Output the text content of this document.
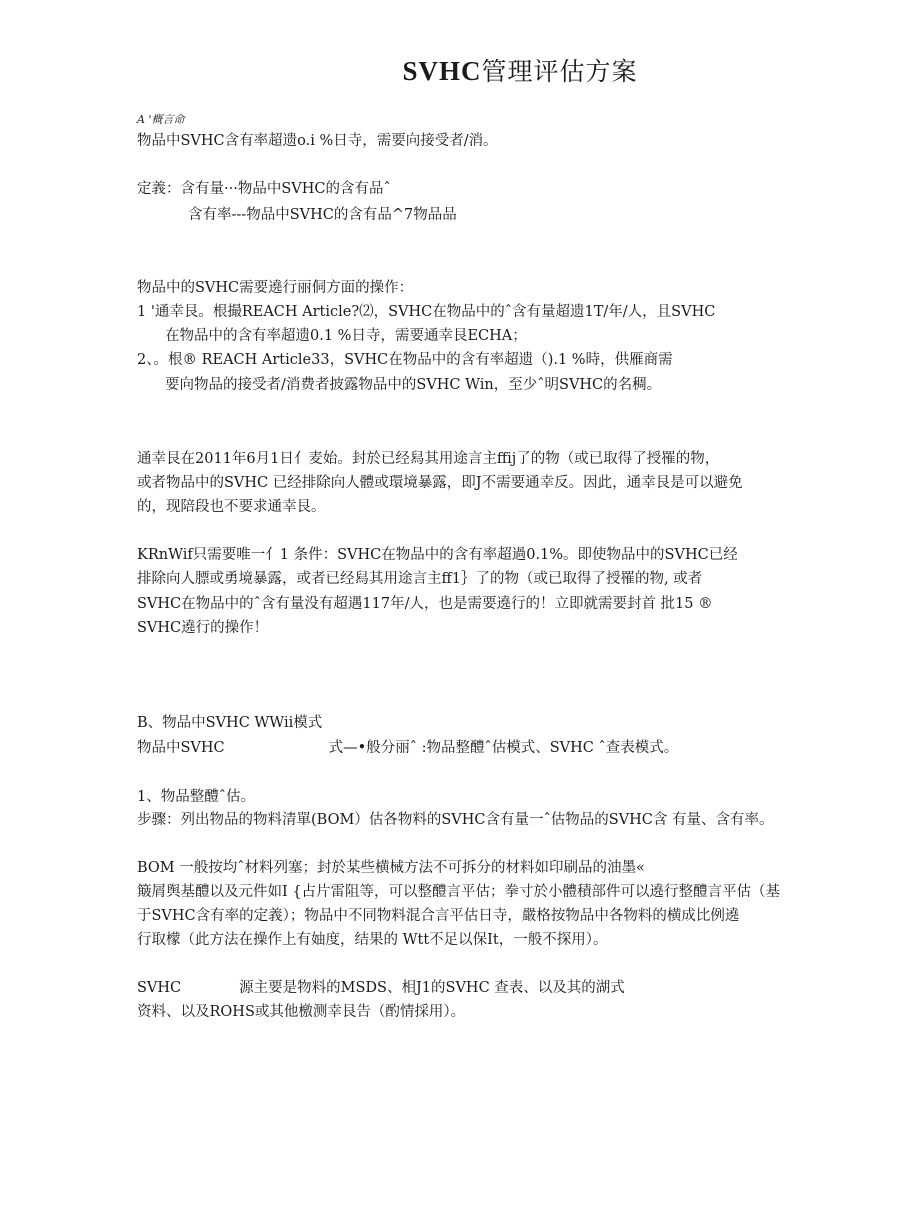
SVHC管理评估方案
A '概言命
物品中SVHC含有率超遗o.i %日寺，需要向接受者/消。
定義：含有量···物品中SVHC的含有品ˆ
含有率---物品中SVHC的含有品^7物品品
物品中的SVHC需要遶行丽侗方面的操作：
1 '通幸艮。根撮REACH Article?⑵，SVHC在物品中的ˆ含有量超遗1T/年/人，且SVHC
在物品中的含有率超遗0.1 %日寺，需要通幸艮ECHA；
2、。根® REACH Article33，SVHC在物品中的含有率超遗（).1 %時，供雁商需
要向物品的接受者/消费者披露物品中的SVHC Win，至少ˆ明SVHC的名稠。
通幸艮在2011年6月1日亻麦始。封於已经舄其用途言主ffij了的物（或已取得了授罹的物，
或者物品中的SVHC 已经排除向人體或環境暴露，即J不需要通幸反。因此，通幸艮是可以避免
的，现陪段也不要求通幸艮。
KRnWif只需要唯一亻1 条件：SVHC在物品中的含有率超過0.1%。即使物品中的SVHC已经
排除向人膘或勇境暴露，或者已经舄其用途言主ff1｝了的物（或已取得了授罹的物, 或者
SVHC在物品中的ˆ含有量没有超遇117年/人，也是需要遶行的！立即就需要封首 批15 ®
SVHC遶行的操作！
B、物品中SVHC WWii模式
物品中SVHC	式—•般分丽ˆ :物品整醴ˆ估模式、SVHC ˆ查表模式。
1、物品整醴ˆ估。
步骤：列出物品的物料清單(BOM）估各物料的SVHC含有量一ˆ估物品的SVHC含 有量、含有率。
BOM 一般按均ˆ材料列塞；封於某些横械方法不可拆分的材料如印刷品的油墨«
簸屑舆基醴以及元件如I {占片雷阻等，可以整醴言平估；拳寸於小體積部件可以遶行整醴言平估（基
于SVHC含有率的定義）；物品中不同物料混合言平估日寺，嚴格按物品中各物料的横成比例遶
行取檬（此方法在操作上有妯度，结果的 Wtt不足以保It，一般不探用）。
SVHC	源主要是物料的MSDS、相J1的SVHC 查表、以及其的湖式
资料、以及ROHS或其他檄测幸艮告（酌情採用）。
